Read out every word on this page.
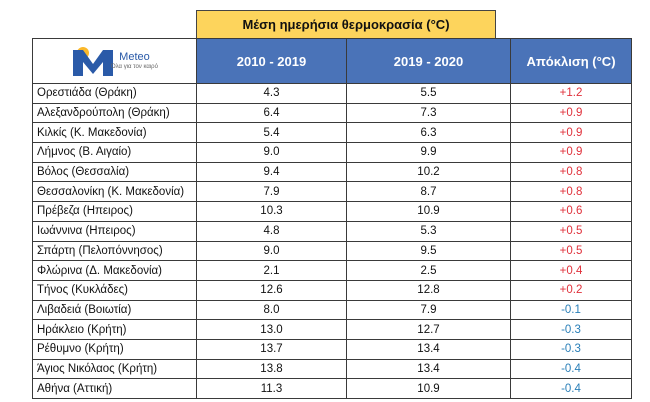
Μέση ημερήσια θερμοκρασία (°C)
Meteo
Όλα για τον καιρό	2010 - 2019	2019 - 2020	Απόκλιση (°C)
Ορεστιάδα (Θράκη)	4.3	5.5	+1.2
Αλεξανδρούπολη (Θράκη)	6.4	7.3	+0.9
Κιλκίς (Κ. Μακεδονία)	5.4	6.3	+0.9
Λήμνος (Β. Αιγαίο)	9.0	9.9	+0.9
Βόλος (Θεσσαλία)	9.4	10.2	+0.8
Θεσσαλονίκη (Κ. Μακεδονία)	7.9	8.7	+0.8
Πρέβεζα (Ηπειρος)	10.3	10.9	+0.6
Ιωάννινα (Ηπειρος)	4.8	5.3	+0.5
Σπάρτη (Πελοπόννησος)	9.0	9.5	+0.5
Φλώρινα (Δ. Μακεδονία)	2.1	2.5	+0.4
Τήνος (Κυκλάδες)	12.6	12.8	+0.2
Λιβαδειά (Βοιωτία)	8.0	7.9	-0.1
Ηράκλειο (Κρήτη)	13.0	12.7	-0.3
Ρέθυμνο (Κρήτη)	13.7	13.4	-0.3
Άγιος Νικόλαος (Κρήτη)	13.8	13.4	-0.4
Αθήνα (Αττική)	11.3	10.9	-0.4
